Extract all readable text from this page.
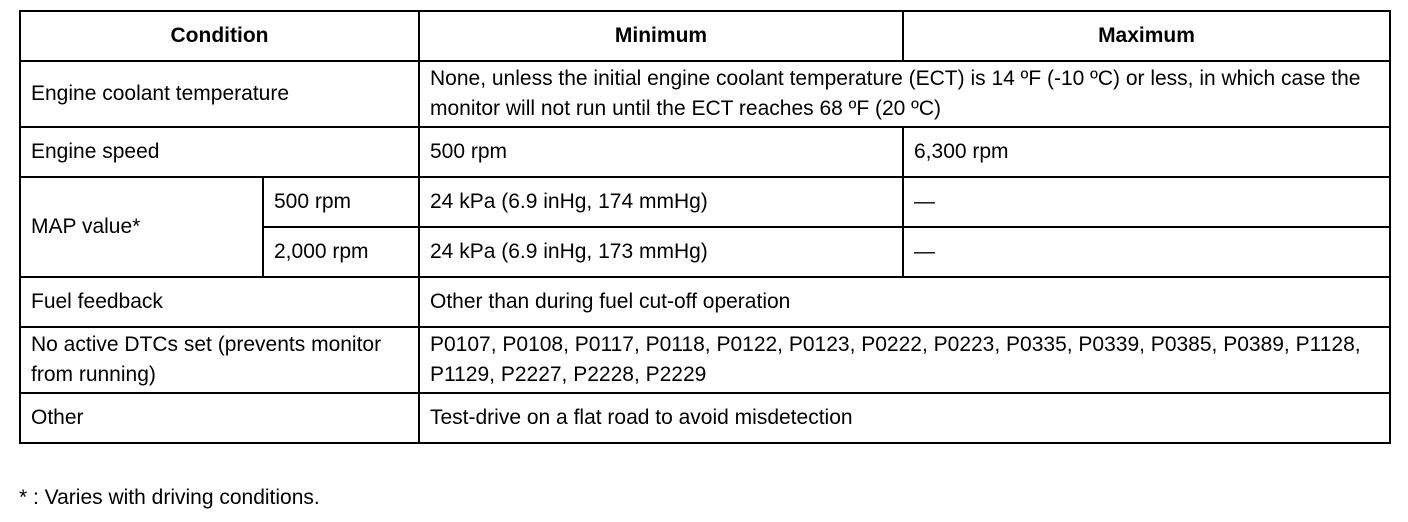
Condition		Minimum	Maximum
Engine coolant temperature		None, unless the initial engine coolant temperature (ECT) is 14 ºF (-10 ºC) or less, in which case the monitor will not run until the ECT reaches 68 ºF (20 ºC)	
Engine speed		500 rpm	6,300 rpm
MAP value*	500 rpm	24 kPa (6.9 inHg, 174 mmHg)	—
	2,000 rpm	24 kPa (6.9 inHg, 173 mmHg)	—
Fuel feedback		Other than during fuel cut-off operation	
No active DTCs set (prevents monitor from running)		P0107, P0108, P0117, P0118, P0122, P0123, P0222, P0223, P0335, P0339, P0385, P0389, P1128, P1129, P2227, P2228, P2229	
Other		Test-drive on a flat road to avoid misdetection	
* : Varies with driving conditions.
